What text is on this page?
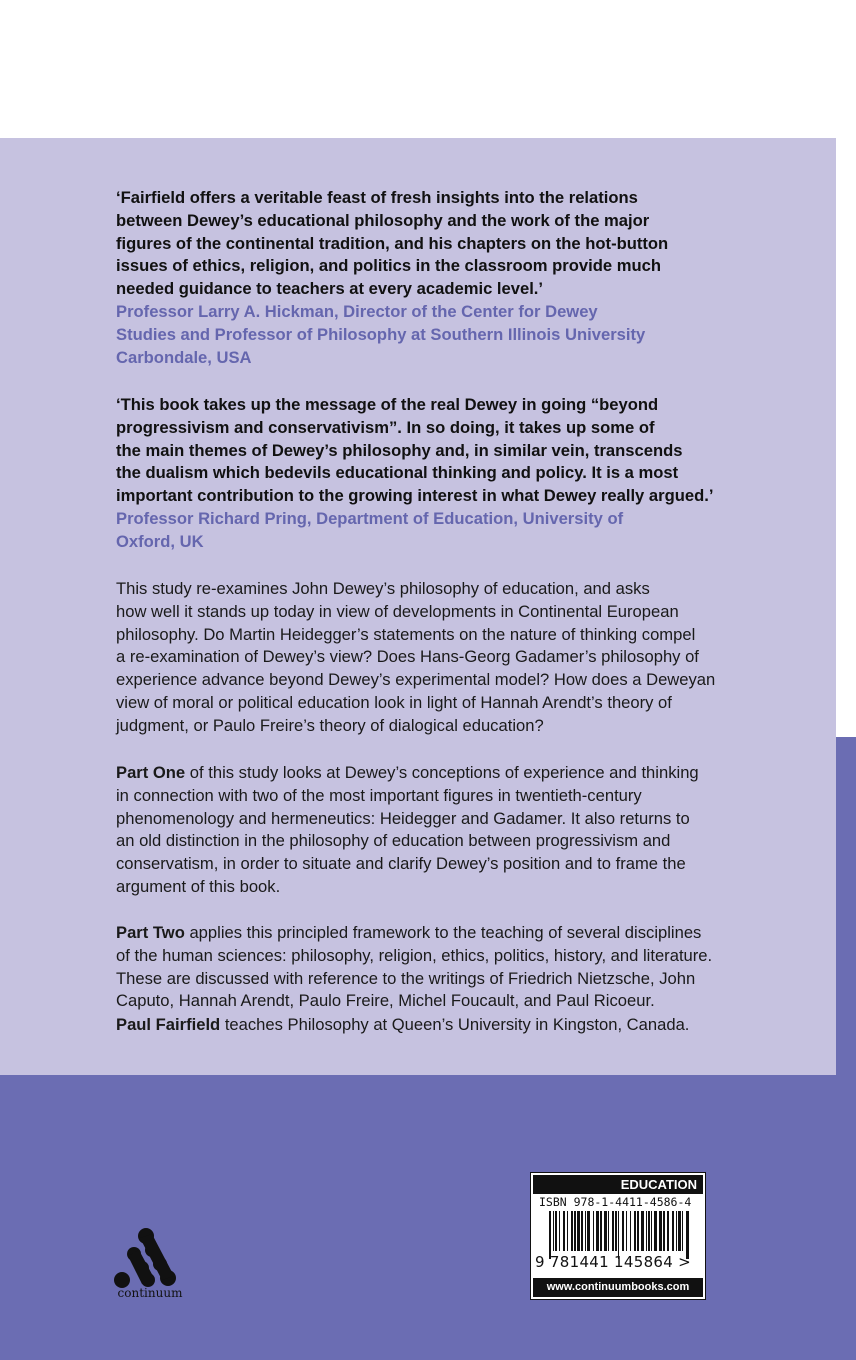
‘Fairfield offers a veritable feast of fresh insights into the relations
between Dewey’s educational philosophy and the work of the major
figures of the continental tradition, and his chapters on the hot-button
issues of ethics, religion, and politics in the classroom provide much
needed guidance to teachers at every academic level.’
Professor Larry A. Hickman, Director of the Center for Dewey
Studies and Professor of Philosophy at Southern Illinois University
Carbondale, USA
‘This book takes up the message of the real Dewey in going “beyond
progressivism and conservativism”. In so doing, it takes up some of
the main themes of Dewey’s philosophy and, in similar vein, transcends
the dualism which bedevils educational thinking and policy. It is a most
important contribution to the growing interest in what Dewey really argued.’
Professor Richard Pring, Department of Education, University of
Oxford, UK
This study re-examines John Dewey’s philosophy of education, and asks
how well it stands up today in view of developments in Continental European
philosophy. Do Martin Heidegger’s statements on the nature of thinking compel
a re-examination of Dewey’s view? Does Hans-Georg Gadamer’s philosophy of
experience advance beyond Dewey’s experimental model? How does a Deweyan
view of moral or political education look in light of Hannah Arendt’s theory of
judgment, or Paulo Freire’s theory of dialogical education?
Part One of this study looks at Dewey’s conceptions of experience and thinking
in connection with two of the most important figures in twentieth-century
phenomenology and hermeneutics: Heidegger and Gadamer. It also returns to
an old distinction in the philosophy of education between progressivism and
conservatism, in order to situate and clarify Dewey’s position and to frame the
argument of this book.
Part Two applies this principled framework to the teaching of several disciplines
of the human sciences: philosophy, religion, ethics, politics, history, and literature.
These are discussed with reference to the writings of Friedrich Nietzsche, John
Caputo, Hannah Arendt, Paulo Freire, Michel Foucault, and Paul Ricoeur.
Paul Fairfield teaches Philosophy at Queen’s University in Kingston, Canada.
continuum
EDUCATION
ISBN 978-1-4411-4586-4
9 781441 145864 >
www.continuumbooks.com
